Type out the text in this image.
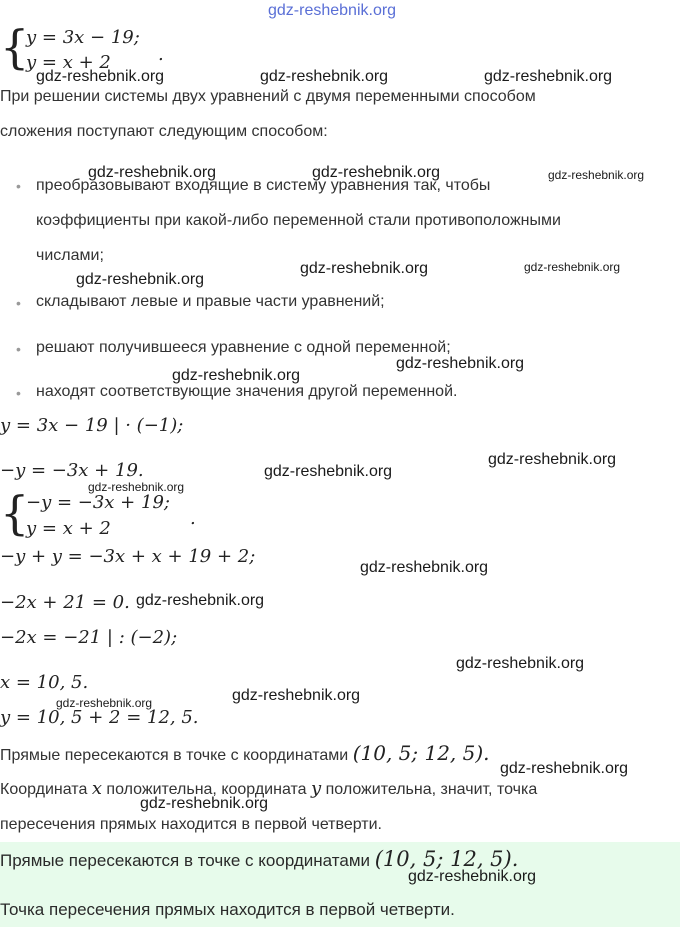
gdz-reshebnik.org
{
y = 3x − 19;
y = x + 2	.
gdz-reshebnik.org	gdz-reshebnik.org	gdz-reshebnik.org
При решении системы двух уравнений с двумя переменными способом
сложения поступают следующим способом:
gdz-reshebnik.org	gdz-reshebnik.org	gdz-reshebnik.org
• преобразовывают входящие в систему уравнения так, чтобы
коэффициенты при какой-либо переменной стали противоположными
числами;
gdz-reshebnik.org
gdz-reshebnik.org	gdz-reshebnik.org
• складывают левые и правые части уравнений;
• решают получившееся уравнение с одной переменной;
gdz-reshebnik.org
gdz-reshebnik.org
• находят соответствующие значения другой переменной.
y = 3x − 19 | · (−1);
−y = −3x + 19.	gdz-reshebnik.org
gdz-reshebnik.org
gdz-reshebnik.org
{
−y = −3x + 19;
y = x + 2	.
−y + y = −3x + x + 19 + 2;
gdz-reshebnik.org
−2x + 21 = 0. gdz-reshebnik.org
−2x = −21 | : (−2);
gdz-reshebnik.org
x = 10, 5.
gdz-reshebnik.org
gdz-reshebnik.org
y = 10, 5 + 2 = 12, 5.
Прямые пересекаются в точке с координатами (10, 5; 12, 5).
gdz-reshebnik.org
Координата x положительна, координата y положительна, значит, точка
gdz-reshebnik.org
пересечения прямых находится в первой четверти.
Прямые пересекаются в точке с координатами (10, 5; 12, 5).
gdz-reshebnik.org
Точка пересечения прямых находится в первой четверти.
